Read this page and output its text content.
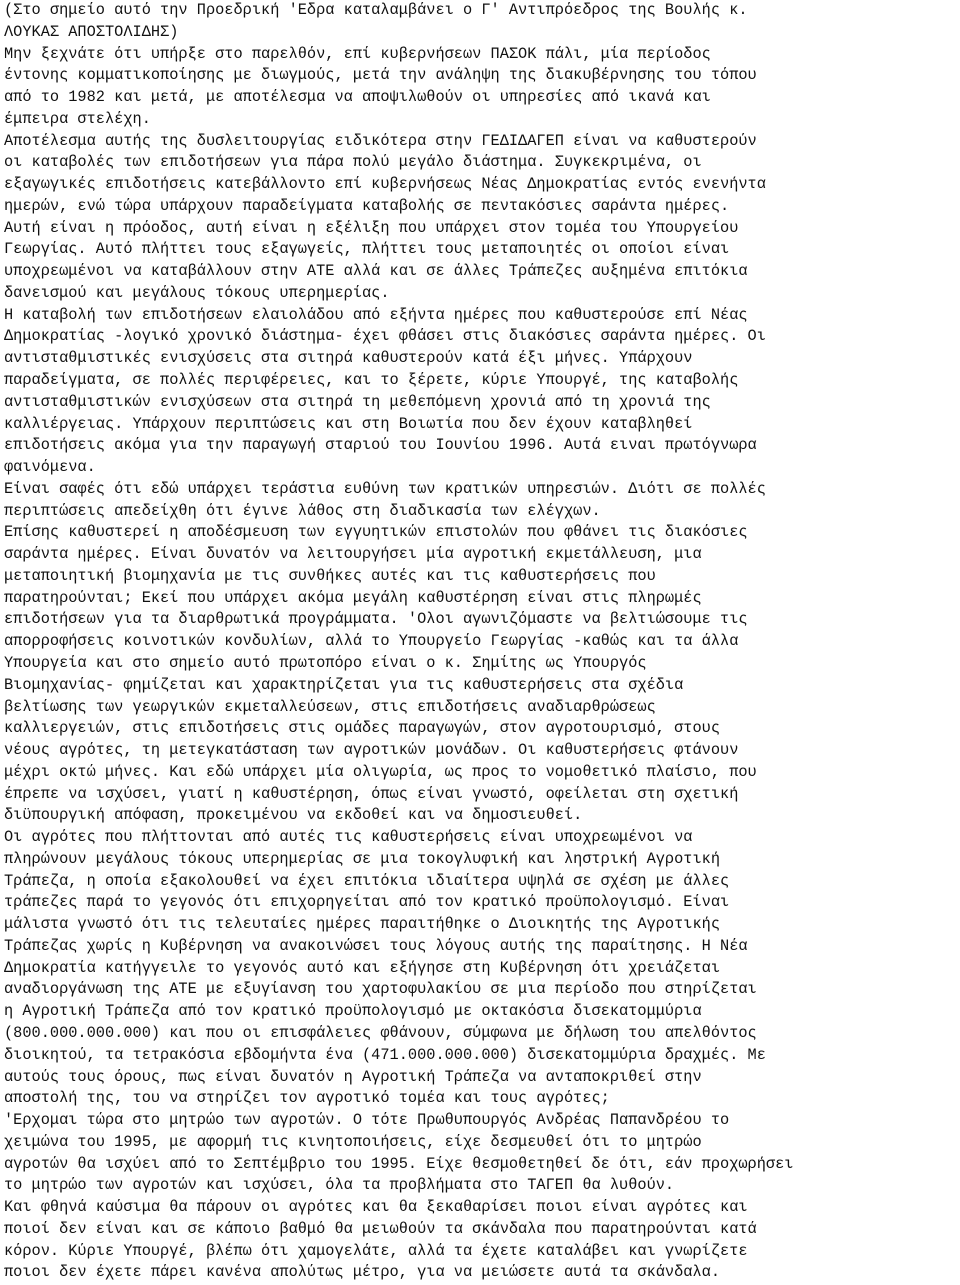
(Στο σημείο αυτό την Προεδρική 'Εδρα καταλαμβάνει ο Γ' Αντιπρόεδρος της Βουλής κ.
ΛΟΥΚΑΣ ΑΠΟΣΤΟΛΙΔΗΣ)
Μην ξεχνάτε ότι υπήρξε στο παρελθόν, επί κυβερνήσεων ΠΑΣΟΚ πάλι, μία περίοδος
έντονης κομματικοποίησης με διωγμούς, μετά την ανάληψη της διακυβέρνησης του τόπου
από το 1982 και μετά, με αποτέλεσμα να αποψιλωθούν οι υπηρεσίες από ικανά και
έμπειρα στελέχη.
Αποτέλεσμα αυτής της δυσλειτουργίας ειδικότερα στην ΓΕΔΙΔΑΓΕΠ είναι να καθυστερούν
οι καταβολές των επιδοτήσεων για πάρα πολύ μεγάλο διάστημα. Συγκεκριμένα, οι
εξαγωγικές επιδοτήσεις κατεβάλλοντο επί κυβερνήσεως Νέας Δημοκρατίας εντός ενενήντα
ημερών, ενώ τώρα υπάρχουν παραδείγματα καταβολής σε πεντακόσιες σαράντα ημέρες.
Αυτή είναι η πρόοδος, αυτή είναι η εξέλιξη που υπάρχει στον τομέα του Υπουργείου
Γεωργίας. Αυτό πλήττει τους εξαγωγείς, πλήττει τους μεταποιητές οι οποίοι είναι
υποχρεωμένοι να καταβάλλουν στην ΑΤΕ αλλά και σε άλλες Τράπεζες αυξημένα επιτόκια
δανεισμού και μεγάλους τόκους υπερημερίας.
Η καταβολή των επιδοτήσεων ελαιολάδου από εξήντα ημέρες που καθυστερούσε επί Νέας
Δημοκρατίας -λογικό χρονικό διάστημα- έχει φθάσει στις διακόσιες σαράντα ημέρες. Οι
αντισταθμιστικές ενισχύσεις στα σιτηρά καθυστερούν κατά έξι μήνες. Υπάρχουν
παραδείγματα, σε πολλές περιφέρειες, και το ξέρετε, κύριε Υπουργέ, της καταβολής
αντισταθμιστικών ενισχύσεων στα σιτηρά τη μεθεπόμενη χρονιά από τη χρονιά της
καλλιέργειας. Υπάρχουν περιπτώσεις και στη Βοιωτία που δεν έχουν καταβληθεί
επιδοτήσεις ακόμα για την παραγωγή σταριού του Ιουνίου 1996. Αυτά ειναι πρωτόγνωρα
φαινόμενα.
Είναι σαφές ότι εδώ υπάρχει τεράστια ευθύνη των κρατικών υπηρεσιών. Διότι σε πολλές
περιπτώσεις απεδείχθη ότι έγινε λάθος στη διαδικασία των ελέγχων.
Επίσης καθυστερεί η αποδέσμευση των εγγυητικών επιστολών που φθάνει τις διακόσιες
σαράντα ημέρες. Είναι δυνατόν να λειτουργήσει μία αγροτική εκμετάλλευση, μια
μεταποιητική βιομηχανία με τις συνθήκες αυτές και τις καθυστερήσεις που
παρατηρούνται; Εκεί που υπάρχει ακόμα μεγάλη καθυστέρηση είναι στις πληρωμές
επιδοτήσεων για τα διαρθρωτικά προγράμματα. 'Ολοι αγωνιζόμαστε να βελτιώσουμε τις
απορροφήσεις κοινοτικών κονδυλίων, αλλά το Υπουργείο Γεωργίας -καθώς και τα άλλα
Υπουργεία και στο σημείο αυτό πρωτοπόρο είναι ο κ. Σημίτης ως Υπουργός
Βιομηχανίας- φημίζεται και χαρακτηρίζεται για τις καθυστερήσεις στα σχέδια
βελτίωσης των γεωργικών εκμεταλλεύσεων, στις επιδοτήσεις αναδιαρθρώσεως
καλλιεργειών, στις επιδοτήσεις στις ομάδες παραγωγών, στον αγροτουρισμό, στους
νέους αγρότες, τη μετεγκατάσταση των αγροτικών μονάδων. Οι καθυστερήσεις φτάνουν
μέχρι οκτώ μήνες. Και εδώ υπάρχει μία ολιγωρία, ως προς το νομοθετικό πλαίσιο, που
έπρεπε να ισχύσει, γιατί η καθυστέρηση, όπως είναι γνωστό, οφείλεται στη σχετική
διϋπουργική απόφαση, προκειμένου να εκδοθεί και να δημοσιευθεί.
Οι αγρότες που πλήττονται από αυτές τις καθυστερήσεις είναι υποχρεωμένοι να
πληρώνουν μεγάλους τόκους υπερημερίας σε μια τοκογλυφική και ληστρική Αγροτική
Τράπεζα, η οποία εξακολουθεί να έχει επιτόκια ιδιαίτερα υψηλά σε σχέση με άλλες
τράπεζες παρά το γεγονός ότι επιχορηγείται από τον κρατικό προϋπολογισμό. Είναι
μάλιστα γνωστό ότι τις τελευταίες ημέρες παραιτήθηκε ο Διοικητής της Αγροτικής
Τράπεζας χωρίς η Κυβέρνηση να ανακοινώσει τους λόγους αυτής της παραίτησης. Η Νέα
Δημοκρατία κατήγγειλε το γεγονός αυτό και εξήγησε στη Κυβέρνηση ότι χρειάζεται
αναδιοργάνωση της ΑΤΕ με εξυγίανση του χαρτοφυλακίου σε μια περίοδο που στηρίζεται
η Αγροτική Τράπεζα από τον κρατικό προϋπολογισμό με οκτακόσια δισεκατομμύρια
(800.000.000.000) και που οι επισφάλειες φθάνουν, σύμφωνα με δήλωση του απελθόντος
διοικητού, τα τετρακόσια εβδομήντα ένα (471.000.000.000) δισεκατομμύρια δραχμές. Με
αυτούς τους όρους, πως είναι δυνατόν η Αγροτική Τράπεζα να ανταποκριθεί στην
αποστολή της, του να στηρίζει τον αγροτικό τομέα και τους αγρότες;
'Ερχομαι τώρα στο μητρώο των αγροτών. Ο τότε Πρωθυπουργός Ανδρέας Παπανδρέου το
χειμώνα του 1995, με αφορμή τις κινητοποιήσεις, είχε δεσμευθεί ότι το μητρώο
αγροτών θα ισχύει από το Σεπτέμβριο του 1995. Είχε θεσμοθετηθεί δε ότι, εάν προχωρήσει
το μητρώο των αγροτών και ισχύσει, όλα τα προβλήματα στο ΤΑΓΕΠ θα λυθούν.
Και φθηνά καύσιμα θα πάρουν οι αγρότες και θα ξεκαθαρίσει ποιοι είναι αγρότες και
ποιοί δεν είναι και σε κάποιο βαθμό θα μειωθούν τα σκάνδαλα που παρατηρούνται κατά
κόρον. Κύριε Υπουργέ, βλέπω ότι χαμογελάτε, αλλά τα έχετε καταλάβει και γνωρίζετε
ποιοι δεν έχετε πάρει κανένα απολύτως μέτρο, για να μειώσετε αυτά τα σκάνδαλα.
